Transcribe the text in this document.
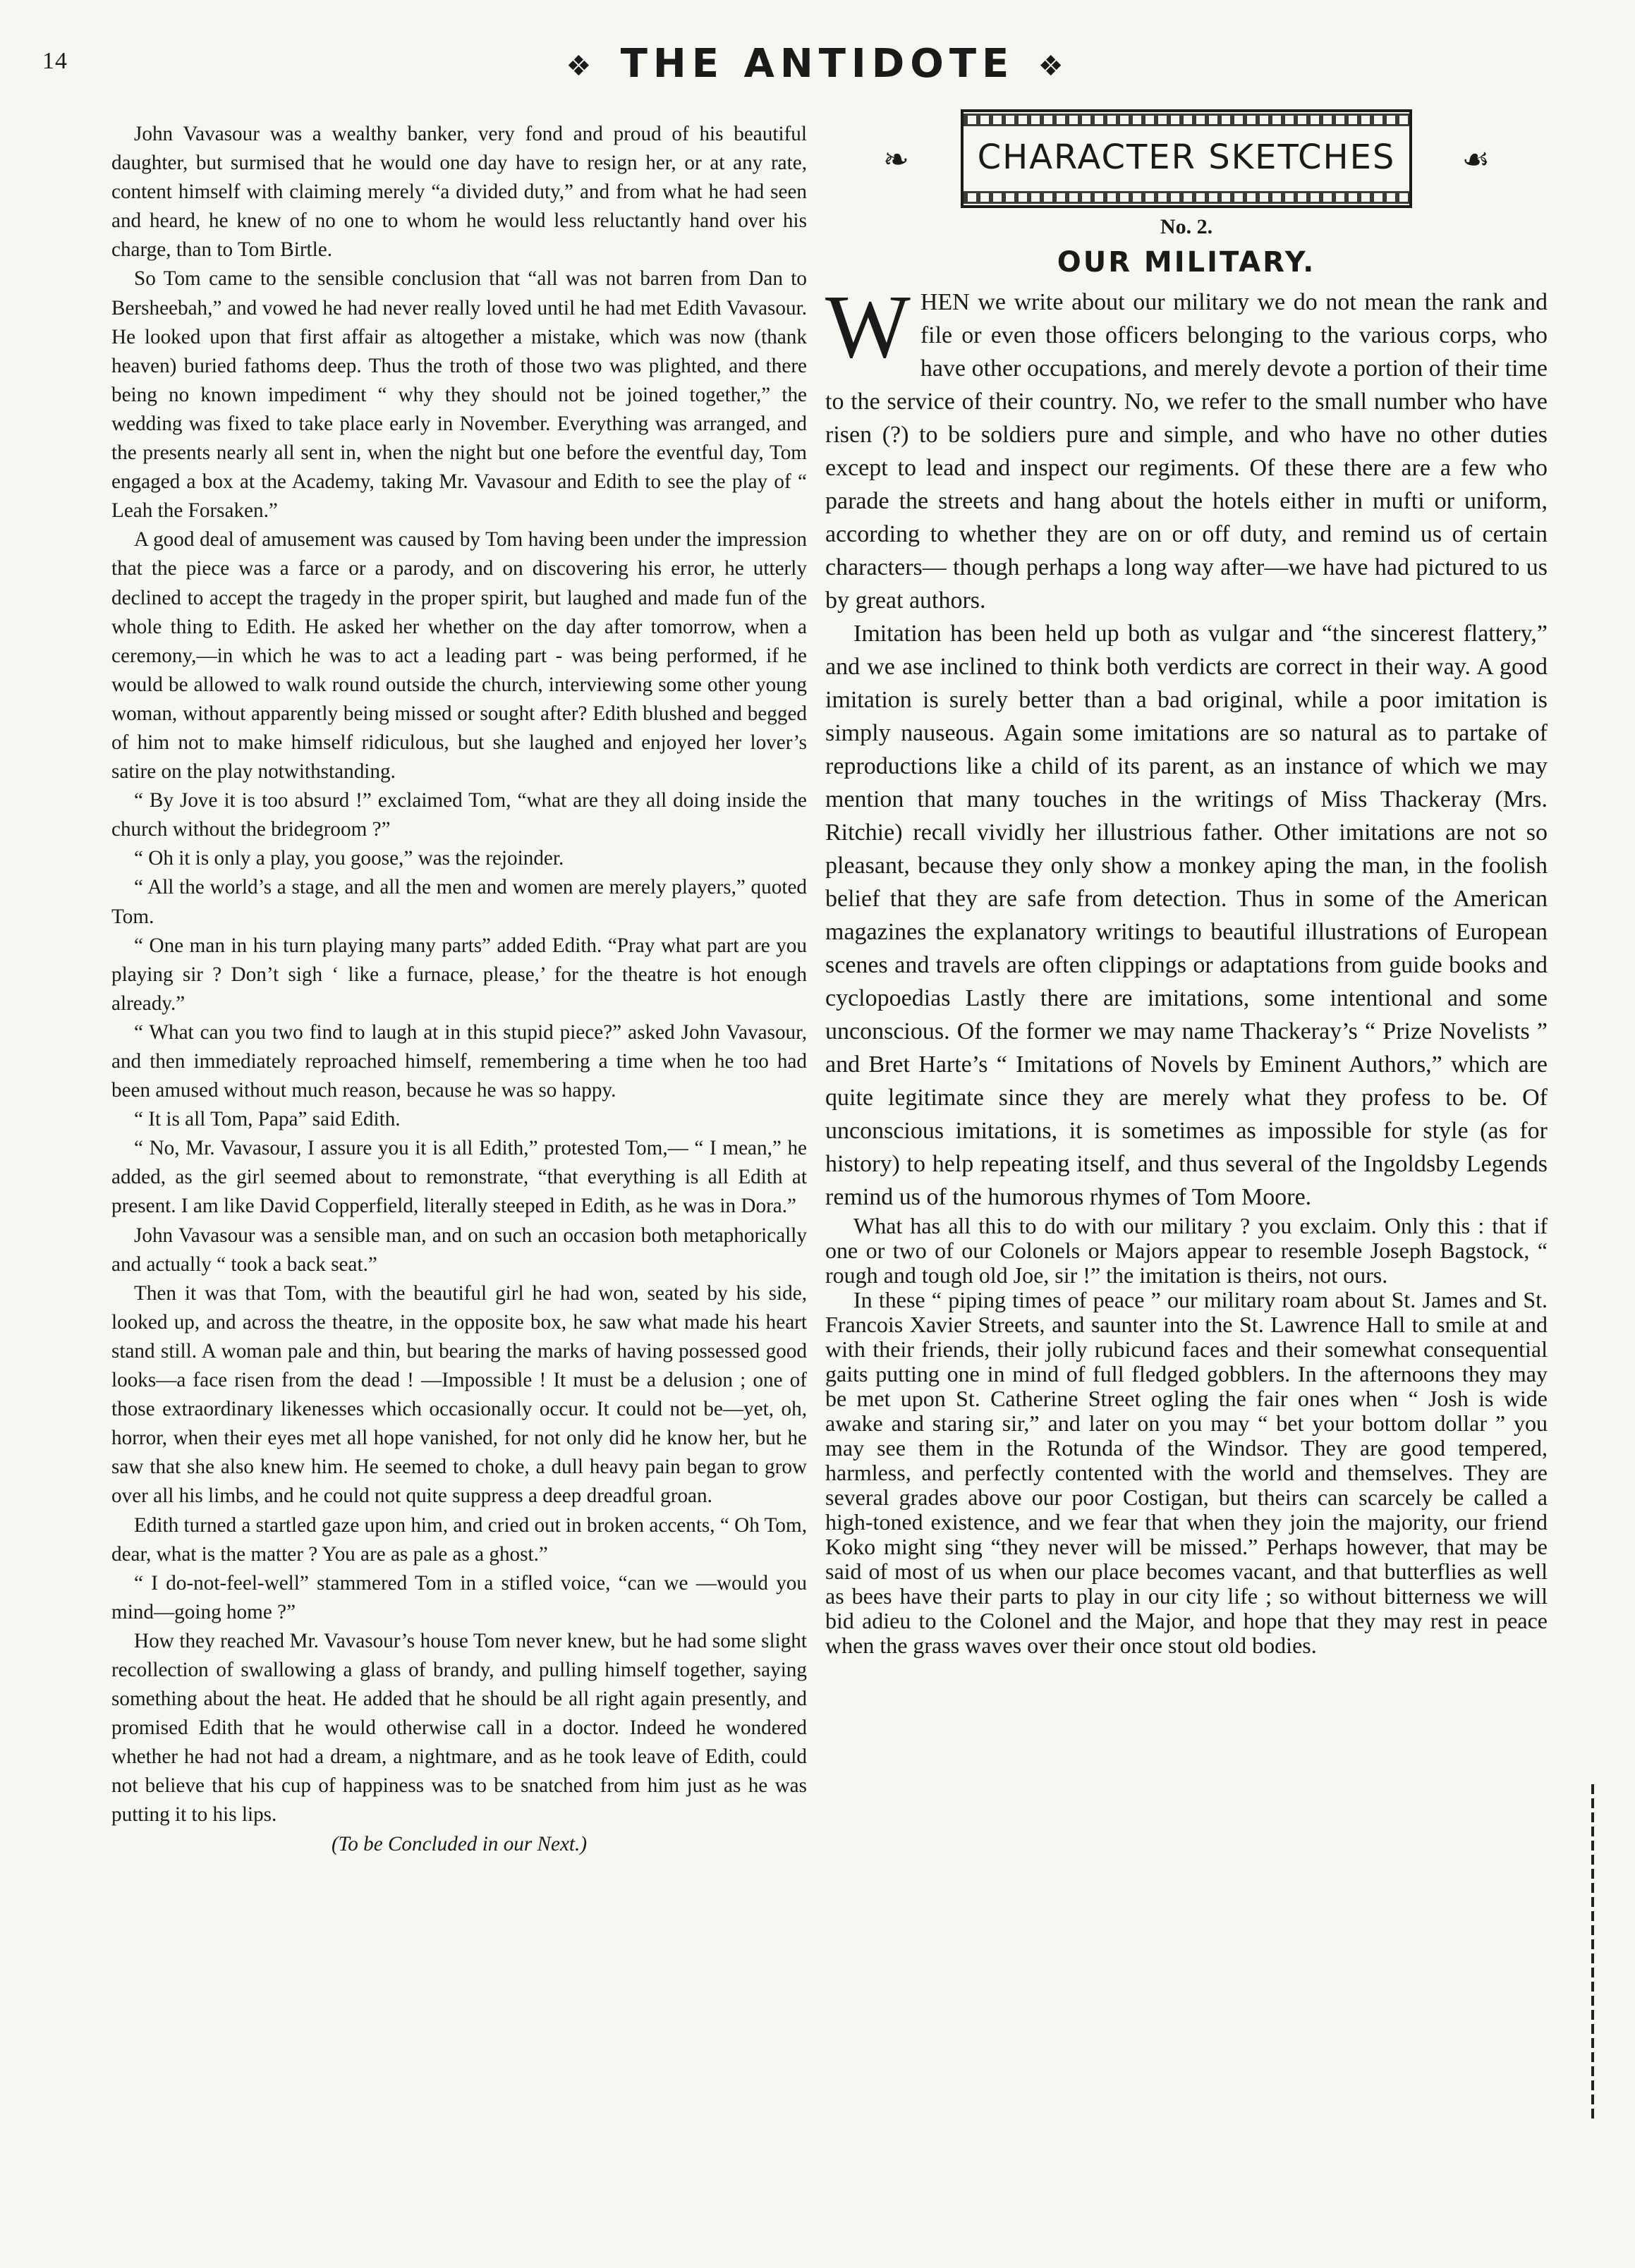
14	❖ THE ANTIDOTE ❖

John Vavasour was a wealthy banker, very fond and proud of his beautiful daughter, but surmised that he would one day have to resign her, or at any rate, content himself with claiming merely “a divided duty,” and from what he had seen and heard, he knew of no one to whom he would less reluctantly hand over his charge, than to Tom Birtle.

So Tom came to the sensible conclusion that “all was not barren from Dan to Bersheebah,” and vowed he had never really loved until he had met Edith Vavasour. He looked upon that first affair as altogether a mistake, which was now (thank heaven) buried fathoms deep. Thus the troth of those two was plighted, and there being no known impediment “ why they should not be joined together,” the wedding was fixed to take place early in November. Everything was arranged, and the presents nearly all sent in, when the night but one before the eventful day, Tom engaged a box at the Academy, taking Mr. Vavasour and Edith to see the play of “ Leah the Forsaken.”

A good deal of amusement was caused by Tom having been under the impression that the piece was a farce or a parody, and on discovering his error, he utterly declined to accept the tragedy in the proper spirit, but laughed and made fun of the whole thing to Edith. He asked her whether on the day after tomorrow, when a ceremony,—in which he was to act a leading part - was being performed, if he would be allowed to walk round outside the church, interviewing some other young woman, without apparently being missed or sought after? Edith blushed and begged of him not to make himself ridiculous, but she laughed and enjoyed her lover’s satire on the play notwithstanding.

“ By Jove it is too absurd !” exclaimed Tom, “what are they all doing inside the church without the bridegroom ?”

“ Oh it is only a play, you goose,” was the rejoinder.

“ All the world’s a stage, and all the men and women are merely players,” quoted Tom.

“ One man in his turn playing many parts” added Edith. “Pray what part are you playing sir ? Don’t sigh ‘ like a furnace, please,’ for the theatre is hot enough already.”

“ What can you two find to laugh at in this stupid piece?” asked John Vavasour, and then immediately reproached himself, remembering a time when he too had been amused without much reason, because he was so happy.

“ It is all Tom, Papa” said Edith.

“ No, Mr. Vavasour, I assure you it is all Edith,” protested Tom,— “ I mean,” he added, as the girl seemed about to remonstrate, “that everything is all Edith at present. I am like David Copperfield, literally steeped in Edith, as he was in Dora.”

John Vavasour was a sensible man, and on such an occasion both metaphorically and actually “ took a back seat.”

Then it was that Tom, with the beautiful girl he had won, seated by his side, looked up, and across the theatre, in the opposite box, he saw what made his heart stand still. A woman pale and thin, but bearing the marks of having possessed good looks—a face risen from the dead ! —Impossible ! It must be a delusion ; one of those extraordinary likenesses which occasionally occur. It could not be—yet, oh, horror, when their eyes met all hope vanished, for not only did he know her, but he saw that she also knew him. He seemed to choke, a dull heavy pain began to grow over all his limbs, and he could not quite suppress a deep dreadful groan.

Edith turned a startled gaze upon him, and cried out in broken accents, “ Oh Tom, dear, what is the matter ? You are as pale as a ghost.”

“ I do-not-feel-well” stammered Tom in a stifled voice, “can we —would you mind—going home ?”

How they reached Mr. Vavasour’s house Tom never knew, but he had some slight recollection of swallowing a glass of brandy, and pulling himself together, saying something about the heat. He added that he should be all right again presently, and promised Edith that he would otherwise call in a doctor. Indeed he wondered whether he had not had a dream, a nightmare, and as he took leave of Edith, could not believe that his cup of happiness was to be snatched from him just as he was putting it to his lips.

(To be Concluded in our Next.)

❧	CHARACTER SKETCHES	☙
No. 2.
OUR MILITARY.

WHEN we write about our military we do not mean the rank and file or even those officers belonging to the various corps, who have other occupations, and merely devote a portion of their time to the service of their country. No, we refer to the small number who have risen (?) to be soldiers pure and simple, and who have no other duties except to lead and inspect our regiments. Of these there are a few who parade the streets and hang about the hotels either in mufti or uniform, according to whether they are on or off duty, and remind us of certain characters— though perhaps a long way after—we have had pictured to us by great authors.

Imitation has been held up both as vulgar and “the sincerest flattery,” and we ase inclined to think both verdicts are correct in their way. A good imitation is surely better than a bad original, while a poor imitation is simply nauseous. Again some imitations are so natural as to partake of reproductions like a child of its parent, as an instance of which we may mention that many touches in the writings of Miss Thackeray (Mrs. Ritchie) recall vividly her illustrious father. Other imitations are not so pleasant, because they only show a monkey aping the man, in the foolish belief that they are safe from detection. Thus in some of the American magazines the explanatory writings to beautiful illustrations of European scenes and travels are often clippings or adaptations from guide books and cyclopoedias Lastly there are imitations, some intentional and some unconscious. Of the former we may name Thackeray’s “ Prize Novelists ” and Bret Harte’s “ Imitations of Novels by Eminent Authors,” which are quite legitimate since they are merely what they profess to be. Of unconscious imitations, it is sometimes as impossible for style (as for history) to help repeating itself, and thus several of the Ingoldsby Legends remind us of the humorous rhymes of Tom Moore.

What has all this to do with our military ? you exclaim. Only this : that if one or two of our Colonels or Majors appear to resemble Joseph Bagstock, “ rough and tough old Joe, sir !” the imitation is theirs, not ours.

In these “ piping times of peace ” our military roam about St. James and St. Francois Xavier Streets, and saunter into the St. Lawrence Hall to smile at and with their friends, their jolly rubicund faces and their somewhat consequential gaits putting one in mind of full fledged gobblers. In the afternoons they may be met upon St. Catherine Street ogling the fair ones when “ Josh is wide awake and staring sir,” and later on you may “ bet your bottom dollar ” you may see them in the Rotunda of the Windsor. They are good tempered, harmless, and perfectly contented with the world and themselves. They are several grades above our poor Costigan, but theirs can scarcely be called a high-toned existence, and we fear that when they join the majority, our friend Koko might sing “they never will be missed.” Perhaps however, that may be said of most of us when our place becomes vacant, and that butterflies as well as bees have their parts to play in our city life ; so without bitterness we will bid adieu to the Colonel and the Major, and hope that they may rest in peace when the grass waves over their once stout old bodies.
